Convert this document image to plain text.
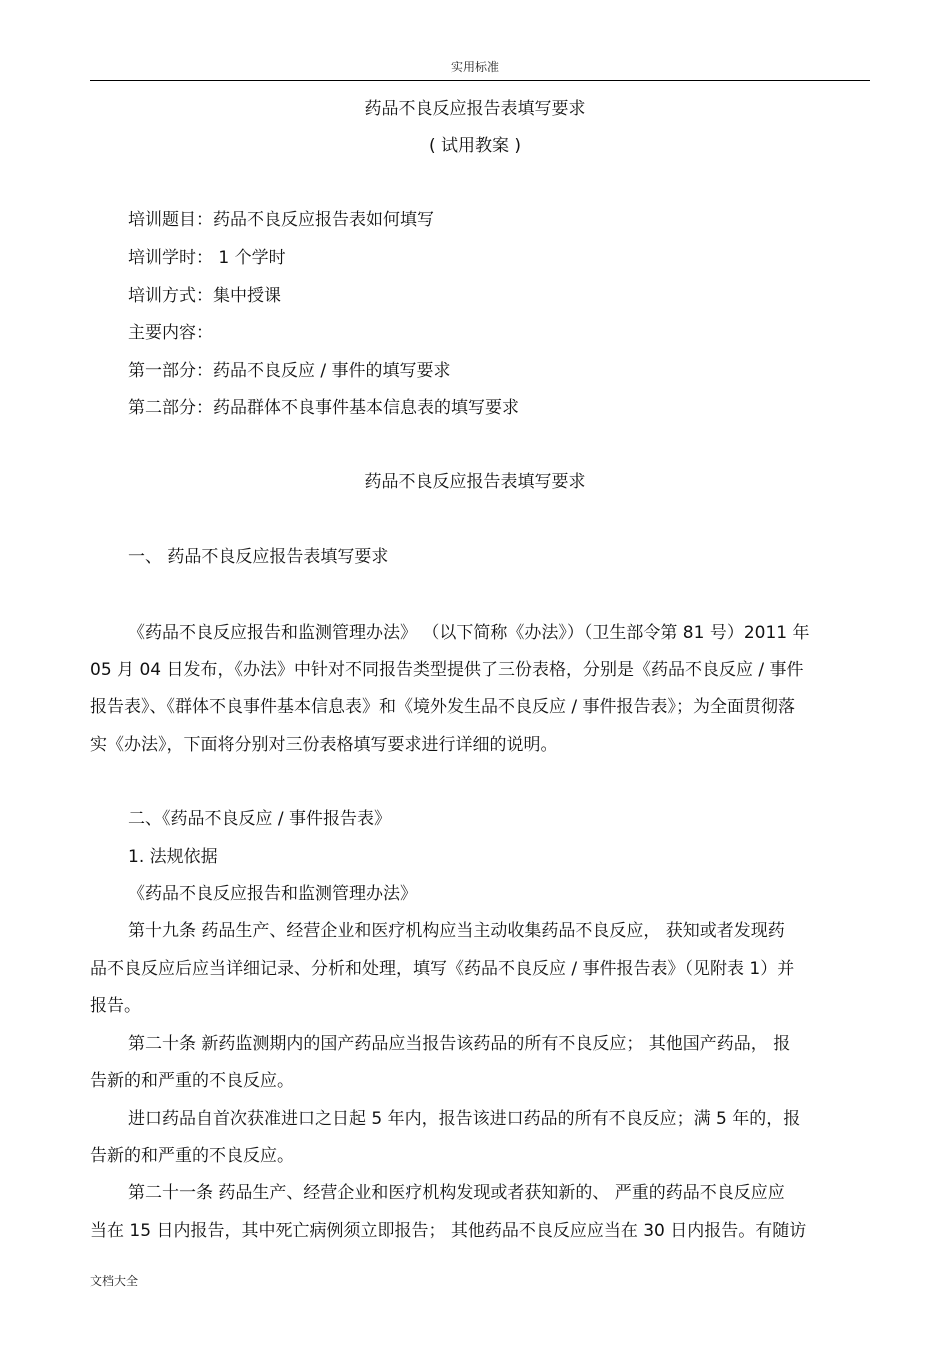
实用标准
药品不良反应报告表填写要求
( 试用教案 )
培训题目：药品不良反应报告表如何填写
培训学时： 1 个学时
培训方式：集中授课
主要内容：
第一部分：药品不良反应 / 事件的填写要求
第二部分：药品群体不良事件基本信息表的填写要求
药品不良反应报告表填写要求
一、 药品不良反应报告表填写要求
《药品不良反应报告和监测管理办法》 （以下简称《办法》）（卫生部令第 81 号）2011 年
05 月 04 日发布，《办法》中针对不同报告类型提供了三份表格，分别是《药品不良反应 / 事件
报告表》、《群体不良事件基本信息表》和《境外发生品不良反应 / 事件报告表》；为全面贯彻落
实《办法》，下面将分别对三份表格填写要求进行详细的说明。
二、《药品不良反应 / 事件报告表》
1. 法规依据
《药品不良反应报告和监测管理办法》
第十九条 药品生产、经营企业和医疗机构应当主动收集药品不良反应， 获知或者发现药
品不良反应后应当详细记录、分析和处理，填写《药品不良反应 / 事件报告表》（见附表 1）并
报告。
第二十条 新药监测期内的国产药品应当报告该药品的所有不良反应； 其他国产药品， 报
告新的和严重的不良反应。
进口药品自首次获准进口之日起 5 年内，报告该进口药品的所有不良反应；满 5 年的，报
告新的和严重的不良反应。
第二十一条 药品生产、经营企业和医疗机构发现或者获知新的、 严重的药品不良反应应
当在 15 日内报告，其中死亡病例须立即报告； 其他药品不良反应应当在 30 日内报告。有随访
文档大全
